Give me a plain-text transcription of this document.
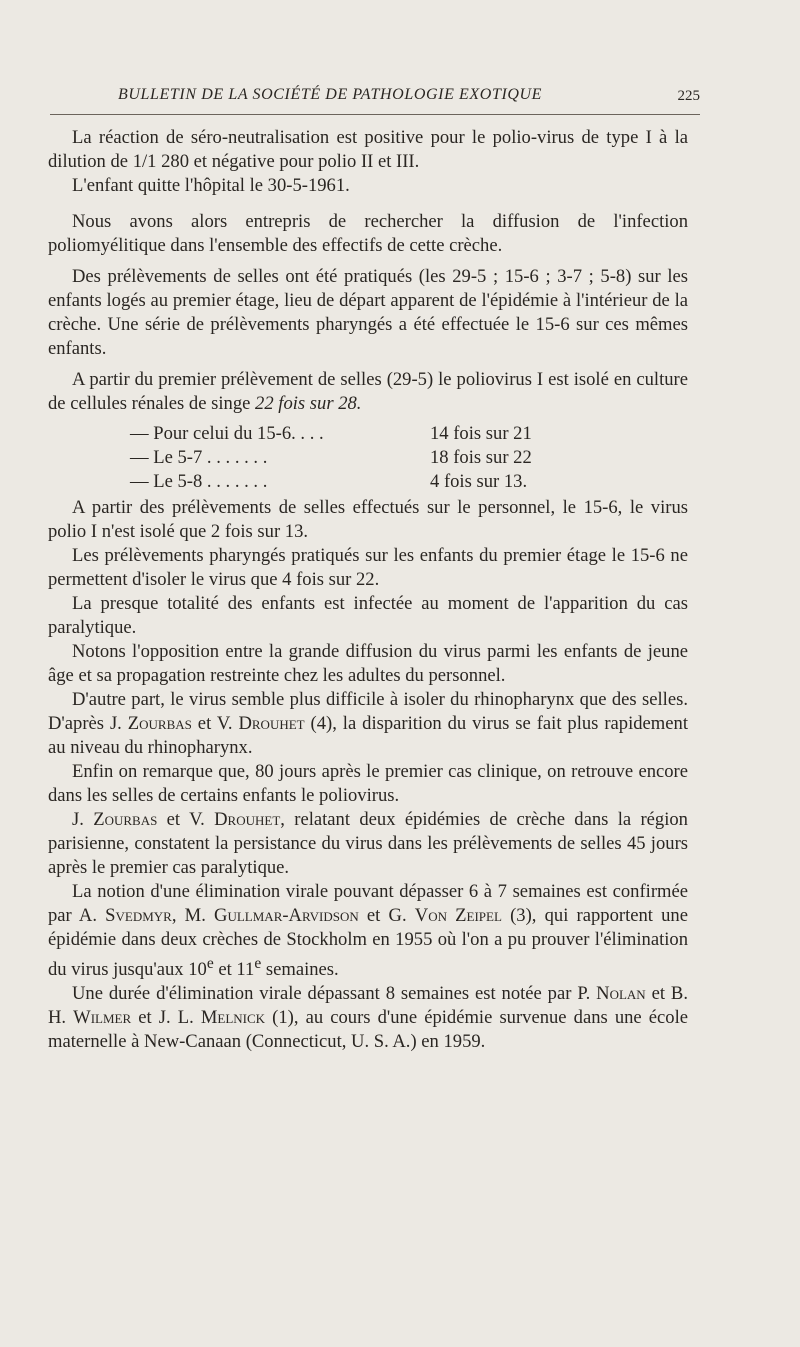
BULLETIN DE LA SOCIÉTÉ DE PATHOLOGIE EXOTIQUE	225

La réaction de séro-neutralisation est positive pour le polio-virus de type I à la dilution de 1/1 280 et négative pour polio II et III.

L'enfant quitte l'hôpital le 30-5-1961.

Nous avons alors entrepris de rechercher la diffusion de l'infection poliomyélitique dans l'ensemble des effectifs de cette crèche.

Des prélèvements de selles ont été pratiqués (les 29-5 ; 15-6 ; 3-7 ; 5-8) sur les enfants logés au premier étage, lieu de départ apparent de l'épidémie à l'intérieur de la crèche. Une série de prélèvements pharyngés a été effectuée le 15-6 sur ces mêmes enfants.

A partir du premier prélèvement de selles (29-5) le poliovirus I est isolé en culture de cellules rénales de singe 22 fois sur 28.

— Pour celui du 15-6. . . .	14 fois sur 21
— Le 5-7 . . . . . . .	18 fois sur 22
— Le 5-8 . . . . . . .	4 fois sur 13.

A partir des prélèvements de selles effectués sur le personnel, le 15-6, le virus polio I n'est isolé que 2 fois sur 13.

Les prélèvements pharyngés pratiqués sur les enfants du premier étage le 15-6 ne permettent d'isoler le virus que 4 fois sur 22.

La presque totalité des enfants est infectée au moment de l'apparition du cas paralytique.

Notons l'opposition entre la grande diffusion du virus parmi les enfants de jeune âge et sa propagation restreinte chez les adultes du personnel.

D'autre part, le virus semble plus difficile à isoler du rhinopharynx que des selles. D'après J. Zourbas et V. Drouhet (4), la disparition du virus se fait plus rapidement au niveau du rhinopharynx.

Enfin on remarque que, 80 jours après le premier cas clinique, on retrouve encore dans les selles de certains enfants le poliovirus.

J. Zourbas et V. Drouhet, relatant deux épidémies de crèche dans la région parisienne, constatent la persistance du virus dans les prélèvements de selles 45 jours après le premier cas paralytique.

La notion d'une élimination virale pouvant dépasser 6 à 7 semaines est confirmée par A. Svedmyr, M. Gullmar-Arvidson et G. Von Zeipel (3), qui rapportent une épidémie dans deux crèches de Stockholm en 1955 où l'on a pu prouver l'élimination du virus jusqu'aux 10e et 11e semaines.

Une durée d'élimination virale dépassant 8 semaines est notée par P. Nolan et B. H. Wilmer et J. L. Melnick (1), au cours d'une épidémie survenue dans une école maternelle à New-Canaan (Connecticut, U. S. A.) en 1959.
